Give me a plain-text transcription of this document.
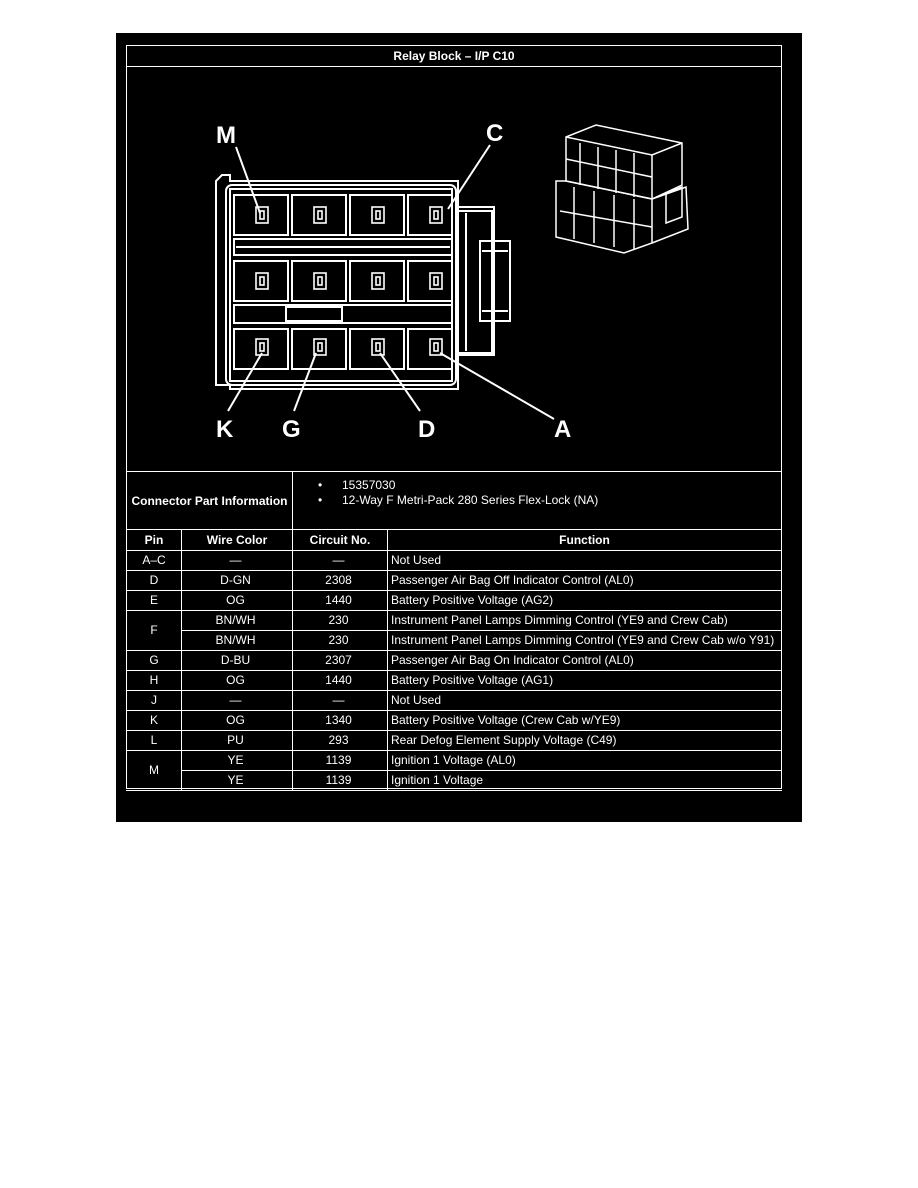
Relay Block – I/P C10
M	C
K G	D	A
Connector Part Information
• 15357030
• 12-Way F Metri-Pack 280 Series Flex-Lock (NA)
Pin	Wire Color	Circuit No.	Function
A–C	—	—	Not Used
D	D-GN	2308	Passenger Air Bag Off Indicator Control (AL0)
E	OG	1440	Battery Positive Voltage (AG2)
F
BN/WH	230	Instrument Panel Lamps Dimming Control (YE9 and Crew Cab)
BN/WH	230	Instrument Panel Lamps Dimming Control (YE9 and Crew Cab w/o Y91)
G	D-BU	2307	Passenger Air Bag On Indicator Control (AL0)
H	OG	1440	Battery Positive Voltage (AG1)
J	—	—	Not Used
K	OG	1340	Battery Positive Voltage (Crew Cab w/YE9)
L	PU	293	Rear Defog Element Supply Voltage (C49)
M
YE	1139	Ignition 1 Voltage (AL0)
YE	1139	Ignition 1 Voltage
